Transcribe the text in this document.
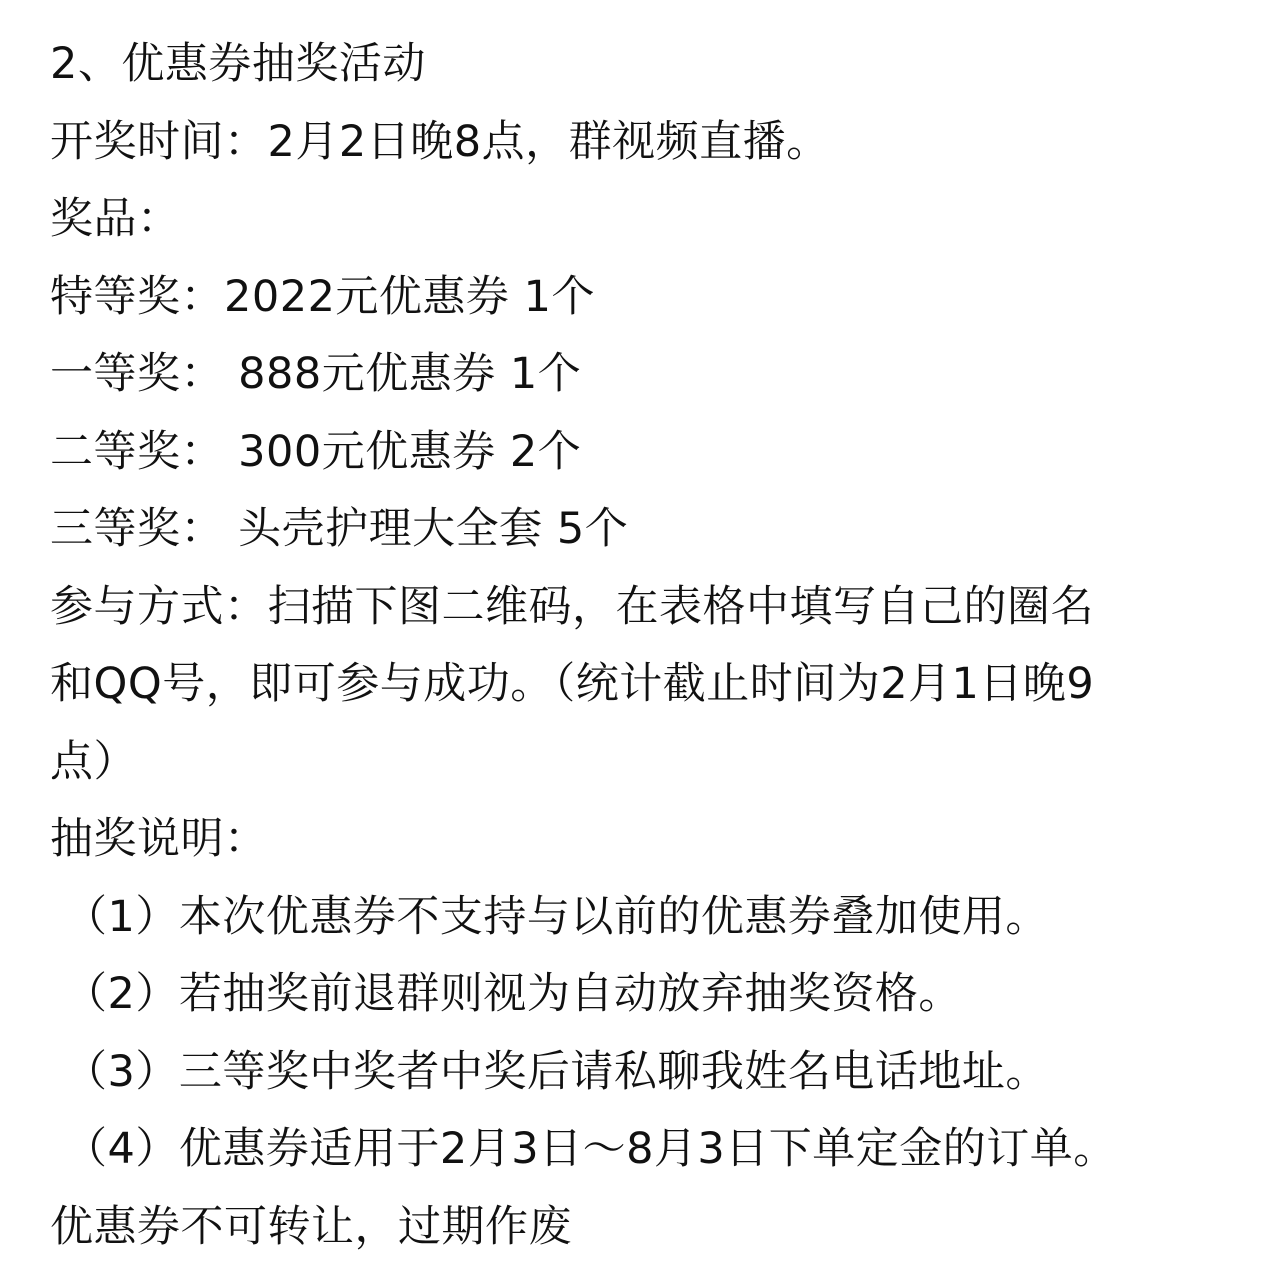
2、优惠券抽奖活动
开奖时间：2月2日晚8点，群视频直播。
奖品：
特等奖：2022元优惠券 1个
一等奖： 888元优惠券 1个
二等奖： 300元优惠券 2个
三等奖： 头壳护理大全套 5个
参与方式：扫描下图二维码，在表格中填写自己的圈名
和QQ号，即可参与成功。（统计截止时间为2月1日晚9
点）
抽奖说明：
（1）本次优惠券不支持与以前的优惠券叠加使用。
（2）若抽奖前退群则视为自动放弃抽奖资格。
（3）三等奖中奖者中奖后请私聊我姓名电话地址。
（4）优惠券适用于2月3日～8月3日下单定金的订单。
优惠券不可转让，过期作废
